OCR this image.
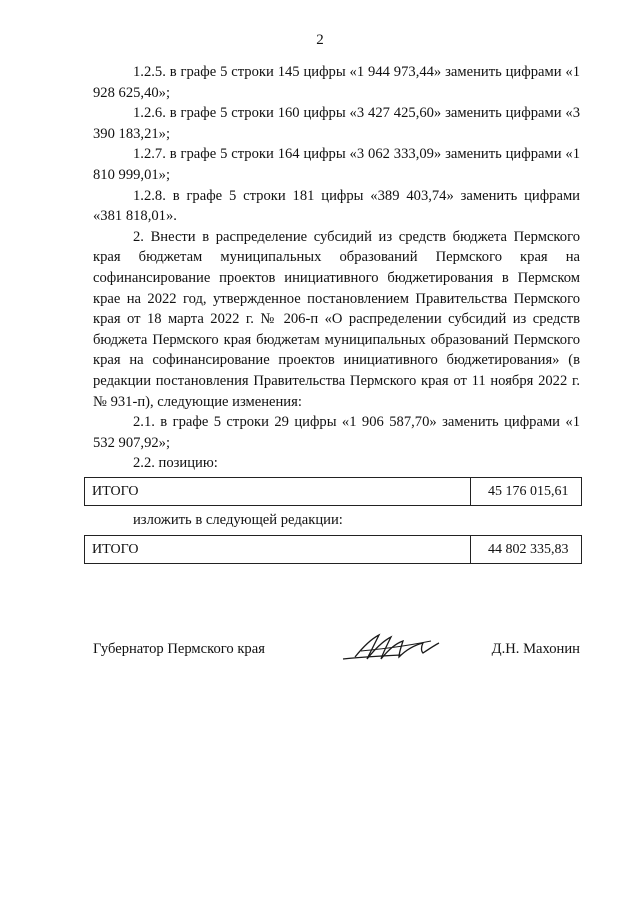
2

1.2.5. в графе 5 строки 145 цифры «1 944 973,44» заменить цифрами «1 928 625,40»;

1.2.6. в графе 5 строки 160 цифры «3 427 425,60» заменить цифрами «3 390 183,21»;

1.2.7. в графе 5 строки 164 цифры «3 062 333,09» заменить цифрами «1 810 999,01»;

1.2.8. в графе 5 строки 181 цифры «389 403,74» заменить цифрами «381 818,01».

2. Внести в распределение субсидий из средств бюджета Пермского края бюджетам муниципальных образований Пермского края на софинансирование проектов инициативного бюджетирования в Пермском крае на 2022 год, утвержденное постановлением Правительства Пермского края от 18 марта 2022 г. № 206-п «О распределении субсидий из средств бюджета Пермского края бюджетам муниципальных образований Пермского края на софинансирование проектов инициативного бюджетирования» (в редакции постановления Правительства Пермского края от 11 ноября 2022 г. № 931-п), следующие изменения:

2.1. в графе 5 строки 29 цифры «1 906 587,70» заменить цифрами «1 532 907,92»;

2.2. позицию:

ИТОГО	45 176 015,61
изложить в следующей редакции:
ИТОГО	44 802 335,83
Губернатор Пермского края	Д.Н. Махонин
